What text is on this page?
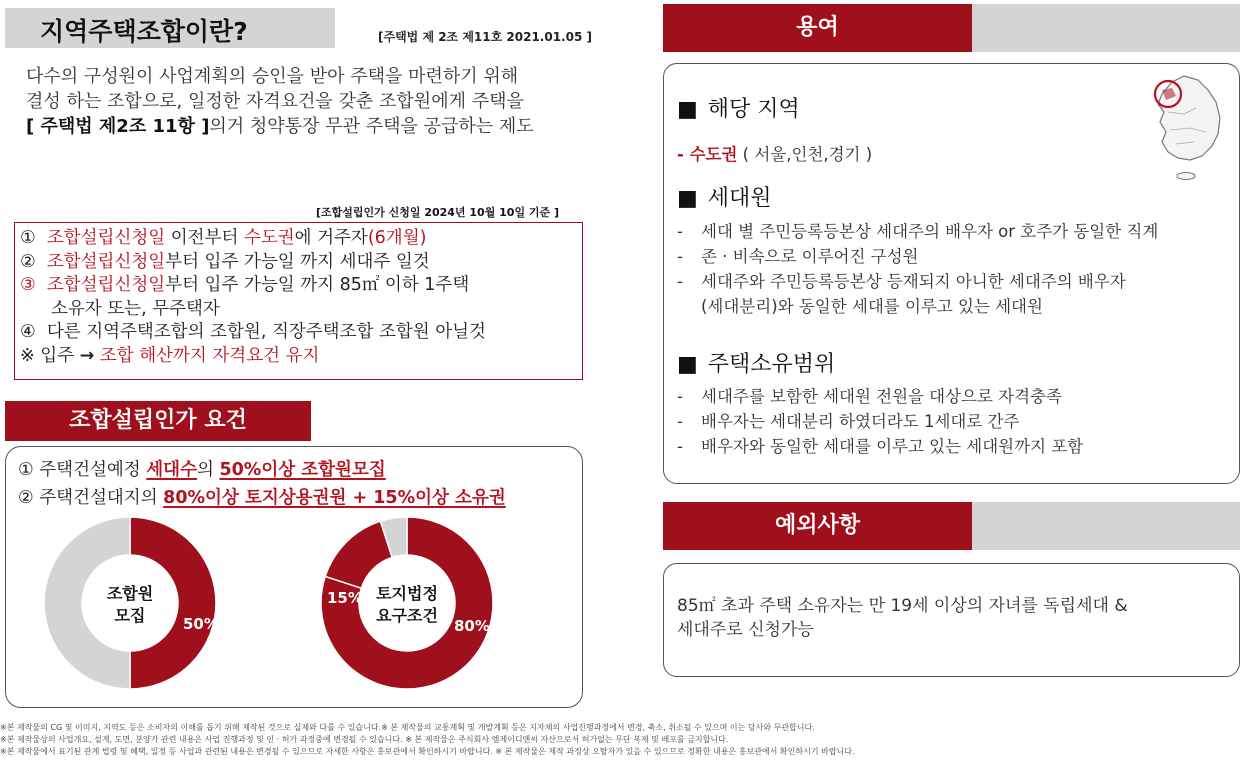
지역주택조합이란?	[주택법 제 2조 제11호 2021.01.05 ]
다수의 구성원이 사업계획의 승인을 받아 주택을 마련하기 위해
결성 하는 조합으로, 일정한 자격요건을 갖춘 조합원에게 주택을
[ 주택법 제2조 11항 ]의거 청약통장 무관 주택을 공급하는 제도
조합원가입 자격요건	[조합설립인가 신청일 2024년 10월 10일 기준 ]
① 조합설립신청일 이전부터 수도권에 거주자(6개월)
② 조합설립신청일부터 입주 가능일 까지 세대주 일것
③ 조합설립신청일부터 입주 가능일 까지 85㎡ 이하 1주택
소유자 또는, 무주택자
④ 다른 지역주택조합의 조합원, 직장주택조합 조합원 아닐것
※ 입주 → 조합 해산까지 자격요건 유지
조합설립인가 요건
① 주택건설예정 세대수의 50%이상 조합원모집
② 주택건설대지의 80%이상 토지상용권원 + 15%이상 소유권
조합원
모집	50%
토지법정
요구조건
80%
15%
용여
■ 해당 지역
- 수도권 ( 서울,인천,경기 )
■ 세대원
- 세대 별 주민등록등본상 세대주의 배우자 or 호주가 동일한 직계
- 존 · 비속으로 이루어진 구성원
- 세대주와 주민등록등본상 등재되지 아니한 세대주의 배우자
(세대분리)와 동일한 세대를 이루고 있는 세대원
■ 주택소유범위
- 세대주를 보함한 세대원 전원을 대상으로 자격충족
- 배우자는 세대분리 하였더라도 1세대로 간주
- 배우자와 동일한 세대를 이루고 있는 세대원까지 포함
예외사항
85㎡ 초과 주택 소유자는 만 19세 이상의 자녀를 독립세대 &
세대주로 신청가능
※본 제작물의 CG 및 이미지, 지역도 등은 소비자의 이해를 돕기 위해 제작된 것으로 실제와 다를 수 있습니다.※ 본 제작물의 교통계획 및 개발계획 등은 지자체의 사업진행과정에서 변경, 축소, 취소될 수 있으며 이는 당사와 무관합니다.
※본 제작물상의 사업개요, 설계, 도면, 분양가 관련 내용은 사업 진행과정 및 인 · 허가 과정중에 변경될 수 있습니다. ※ 본 제작물은 주식회사 엠제이디앤씨 자산으로서 허가없는 무단 복제 및 배포를 금지합니다.
※본 제작물에서 표기된 관계 법령 및 혜택, 일정 등 사업과 관련된 내용은 변경될 수 있으므로 자세한 사항은 홍보관에서 확인하시기 바랍니다. ※ 본 제작물은 제작 과정상 오탈자가 있을 수 있으므로 정확한 내용은 홍보관에서 확인하시기 바랍니다.
